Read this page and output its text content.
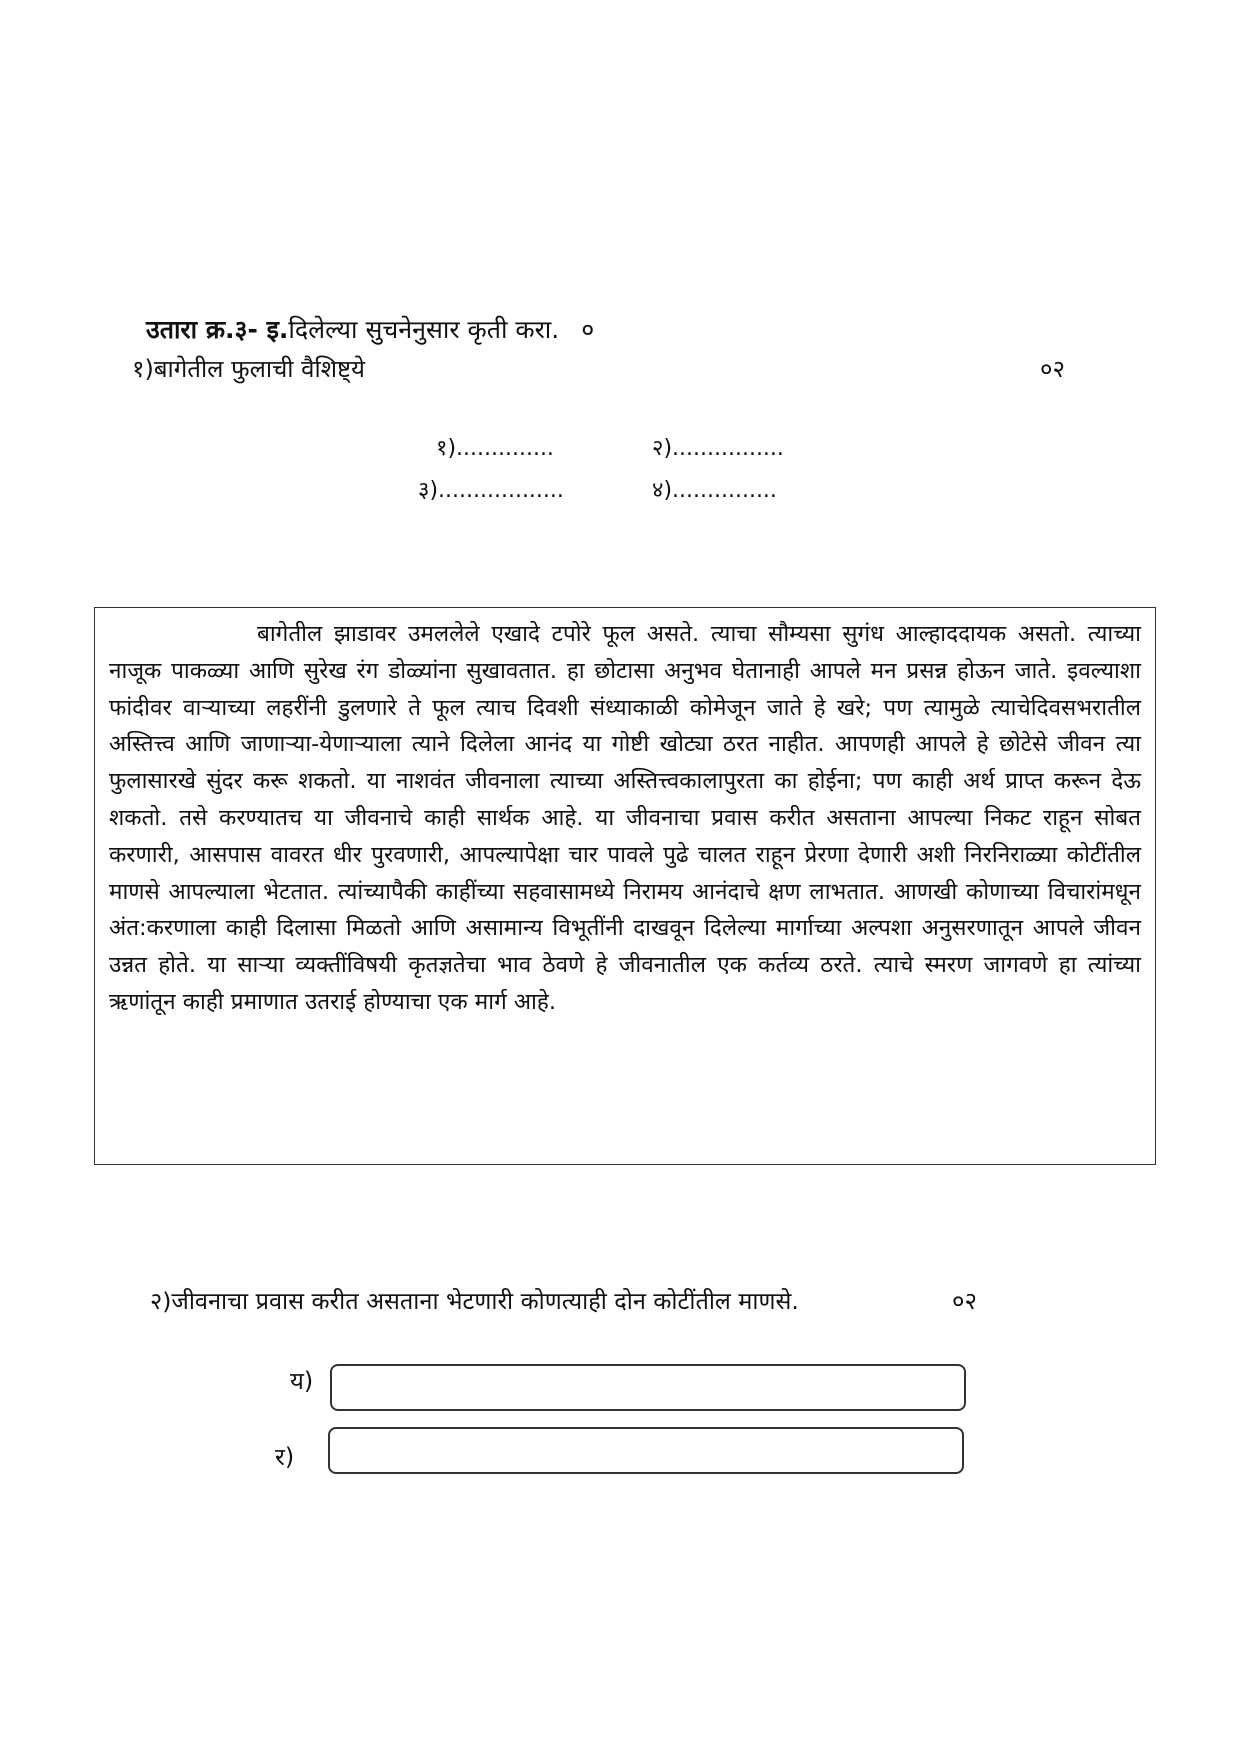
उतारा क्र.३- इ.दिलेल्या सुचनेनुसार कृती करा. ०
१)बागेतील फुलाची वैशिष्ट्ये	०२
१)..............	२)................
३)..................	४)...............
बागेतील झाडावर उमललेले एखादे टपोरे फूल असते. त्याचा सौम्यसा सुगंध आल्हाददायक असतो. त्याच्या नाजूक पाकळ्या आणि सुरेख रंग डोळ्यांना सुखावतात. हा छोटासा अनुभव घेतानाही आपले मन प्रसन्न होऊन जाते. इवल्याशा फांदीवर वाऱ्याच्या लहरींनी डुलणारे ते फूल त्याच दिवशी संध्याकाळी कोमेजून जाते हे खरे; पण त्यामुळे त्याचेदिवसभरातील अस्तित्त्व आणि जाणाऱ्या-येणाऱ्याला त्याने दिलेला आनंद या गोष्टी खोट्या ठरत नाहीत. आपणही आपले हे छोटेसे जीवन त्या फुलासारखे सुंदर करू शकतो. या नाशवंत जीवनाला त्याच्या अस्तित्त्वकालापुरता का होईना; पण काही अर्थ प्राप्त करून देऊ शकतो. तसे करण्यातच या जीवनाचे काही सार्थक आहे. या जीवनाचा प्रवास करीत असताना आपल्या निकट राहून सोबत करणारी, आसपास वावरत धीर पुरवणारी, आपल्यापेक्षा चार पावले पुढे चालत राहून प्रेरणा देणारी अशी निरनिराळ्या कोटींतील माणसे आपल्याला भेटतात. त्यांच्यापैकी काहींच्या सहवासामध्ये निरामय आनंदाचे क्षण लाभतात. आणखी कोणाच्या विचारांमधून अंत:करणाला काही दिलासा मिळतो आणि असामान्य विभूतींनी दाखवून दिलेल्या मार्गाच्या अल्पशा अनुसरणातून आपले जीवन उन्नत होते. या साऱ्या व्यक्तींविषयी कृतज्ञतेचा भाव ठेवणे हे जीवनातील एक कर्तव्य ठरते. त्याचे स्मरण जागवणे हा त्यांच्या ऋणांतून काही प्रमाणात उतराई होण्याचा एक मार्ग आहे.
२)जीवनाचा प्रवास करीत असताना भेटणारी कोणत्याही दोन कोटींतील माणसे.	०२
य)
र)
